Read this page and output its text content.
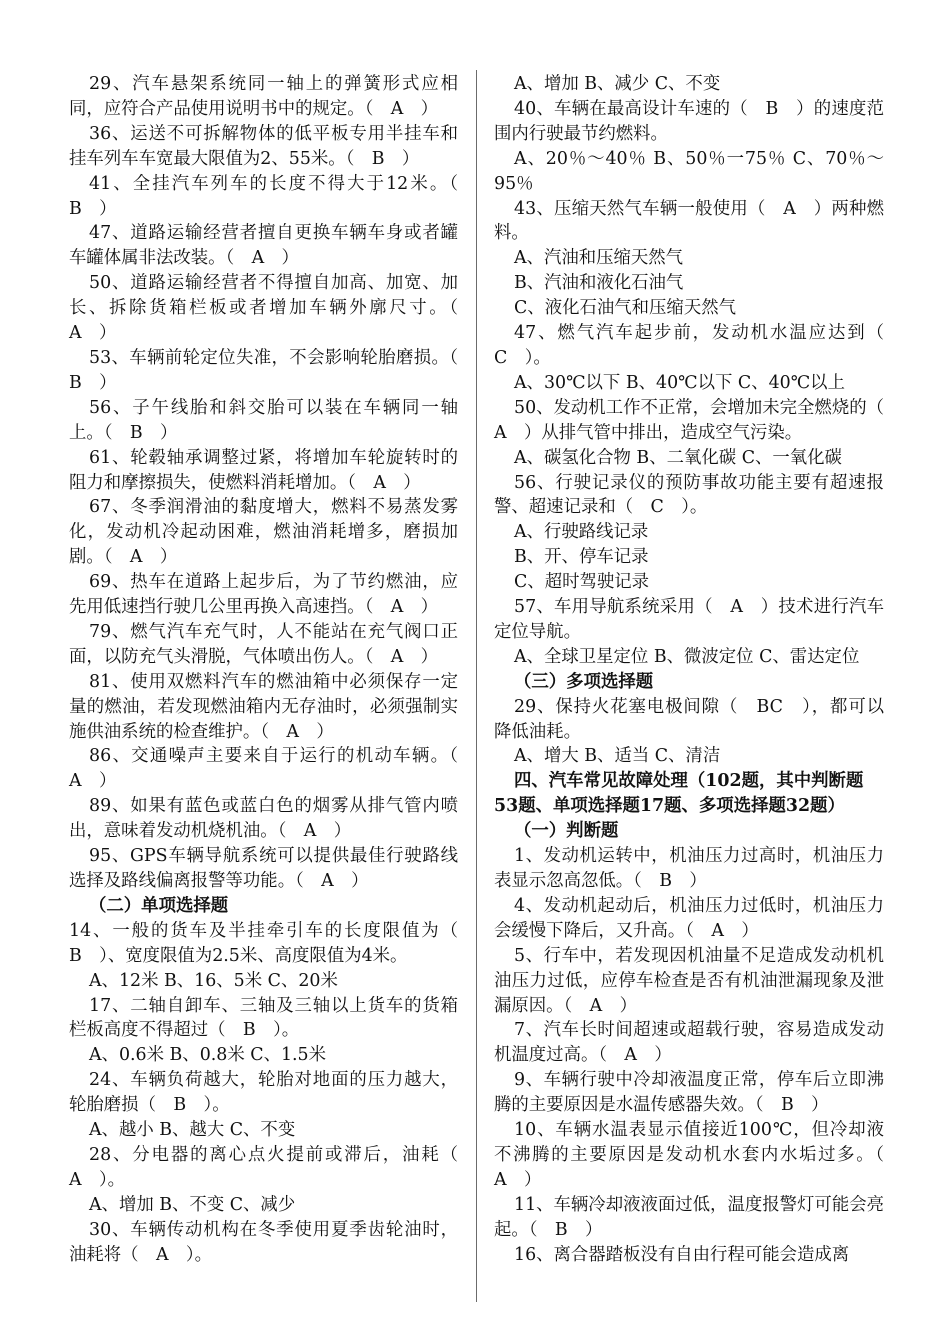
29、汽车悬架系统同一轴上的弹簧形式应相同，应符合产品使用说明书中的规定。（　A　）

36、运送不可拆解物体的低平板专用半挂车和挂车列车车宽最大限值为2、55米。（　B　）

41、全挂汽车列车的长度不得大于12米。（　B　）

47、道路运输经营者擅自更换车辆车身或者罐车罐体属非法改装。（　A　）

50、道路运输经营者不得擅自加高、加宽、加长、拆除货箱栏板或者增加车辆外廓尺寸。（　A　）

53、车辆前轮定位失准，不会影响轮胎磨损。（　B　）

56、子午线胎和斜交胎可以装在车辆同一轴上。（　B　）

61、轮毂轴承调整过紧，将增加车轮旋转时的阻力和摩擦损失，使燃料消耗增加。（　A　）

67、冬季润滑油的黏度增大，燃料不易蒸发雾化，发动机冷起动困难，燃油消耗增多，磨损加剧。（　A　）

69、热车在道路上起步后，为了节约燃油，应先用低速挡行驶几公里再换入高速挡。（　A　）

79、燃气汽车充气时，人不能站在充气阀口正面，以防充气头滑脱，气体喷出伤人。（　A　）

81、使用双燃料汽车的燃油箱中必须保存一定量的燃油，若发现燃油箱内无存油时，必须强制实施供油系统的检查维护。（　A　）

86、交通噪声主要来自于运行的机动车辆。（　A　）

89、如果有蓝色或蓝白色的烟雾从排气管内喷出，意味着发动机烧机油。（　A　）

95、GPS车辆导航系统可以提供最佳行驶路线选择及路线偏离报警等功能。（　A　）

（二）单项选择题

14、一般的货车及半挂牵引车的长度限值为（　B　）、宽度限值为2.5米、高度限值为4米。

A、12米 B、16、5米 C、20米

17、二轴自卸车、三轴及三轴以上货车的货箱栏板高度不得超过（　B　）。

A、0.6米 B、0.8米 C、1.5米

24、车辆负荷越大，轮胎对地面的压力越大，轮胎磨损（　B　）。

A、越小 B、越大 C、不变

28、分电器的离心点火提前或滞后，油耗（　A　）。

A、增加 B、不变 C、减少

30、车辆传动机构在冬季使用夏季齿轮油时，油耗将（　A　）。

A、增加 B、减少 C、不变

40、车辆在最高设计车速的（　B　）的速度范围内行驶最节约燃料。

A、20％～40％ B、50％一75％ C、70％～95％

43、压缩天然气车辆一般使用（　A　）两种燃料。

A、汽油和压缩天然气

B、汽油和液化石油气

C、液化石油气和压缩天然气

47、燃气汽车起步前，发动机水温应达到（　C　）。

A、30℃以下 B、40℃以下 C、40℃以上

50、发动机工作不正常，会增加未完全燃烧的（　A　）从排气管中排出，造成空气污染。

A、碳氢化合物 B、二氧化碳 C、一氧化碳

56、行驶记录仪的预防事故功能主要有超速报警、超速记录和（　C　）。

A、行驶路线记录

B、开、停车记录

C、超时驾驶记录

57、车用导航系统采用（　A　）技术进行汽车定位导航。

A、全球卫星定位 B、微波定位 C、雷达定位

（三）多项选择题

29、保持火花塞电极间隙（　BC　），都可以降低油耗。

A、增大 B、适当 C、清洁

四、汽车常见故障处理（102题，其中判断题53题、单项选择题17题、多项选择题32题）

（一）判断题

1、发动机运转中，机油压力过高时，机油压力表显示忽高忽低。（　B　）

4、发动机起动后，机油压力过低时，机油压力会缓慢下降后，又升高。（　A　）

5、行车中，若发现因机油量不足造成发动机机油压力过低，应停车检查是否有机油泄漏现象及泄漏原因。（　A　）

7、汽车长时间超速或超载行驶，容易造成发动机温度过高。（　A　）

9、车辆行驶中冷却液温度正常，停车后立即沸腾的主要原因是水温传感器失效。（　B　）

10、车辆水温表显示值接近100℃，但冷却液不沸腾的主要原因是发动机水套内水垢过多。（　A　）

11、车辆冷却液液面过低，温度报警灯可能会亮起。（　B　）

16、离合器踏板没有自由行程可能会造成离
